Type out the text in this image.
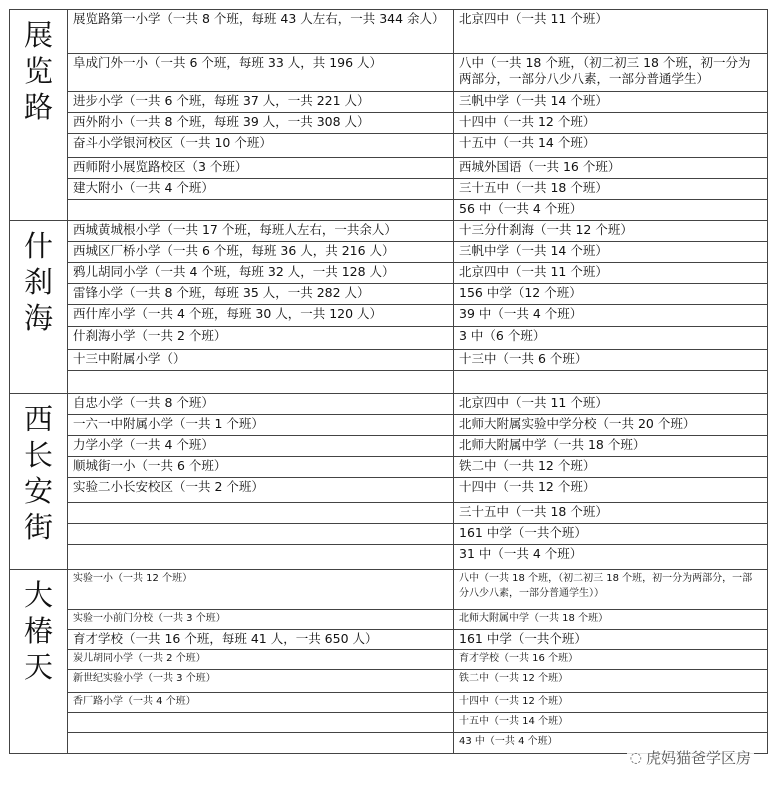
展览路	展览路第一小学（一共 8 个班，每班 43 人左右，一共 344 余人）	北京四中（一共 11 个班）
	阜成门外一小（一共 6 个班，每班 33 人，共 196 人）	八中（一共 18 个班，（初二初三 18 个班，初一分为两部分，一部分八少八素，一部分普通学生）
	进步小学（一共 6 个班，每班 37 人，一共 221 人）	三帆中学（一共 14 个班）
	西外附小（一共 8 个班，每班 39 人，一共 308 人）	十四中（一共 12 个班）
	奋斗小学银河校区（一共 10 个班）	十五中（一共 14 个班）
	西师附小展览路校区（3 个班）	西城外国语（一共 16 个班）
	建大附小（一共 4 个班）	三十五中（一共 18 个班）
		56 中（一共 4 个班）

什刹海	西城黄城根小学（一共 17 个班，每班人左右，一共余人）	十三分什刹海（一共 12 个班）
	西城区厂桥小学（一共 6 个班，每班 36 人，共 216 人）	三帆中学（一共 14 个班）
	鸦儿胡同小学（一共 4 个班，每班 32 人，一共 128 人）	北京四中（一共 11 个班）
	雷锋小学（一共 8 个班，每班 35 人，一共 282 人）	156 中学（12 个班）
	西什库小学（一共 4 个班，每班 30 人，一共 120 人）	39 中（一共 4 个班）
	什刹海小学（一共 2 个班）	3 中（6 个班）
	十三中附属小学（）	十三中（一共 6 个班）

西长安街	自忠小学（一共 8 个班）	北京四中（一共 11 个班）
	一六一中附属小学（一共 1 个班）	北师大附属实验中学分校（一共 20 个班）
	力学小学（一共 4 个班）	北师大附属中学（一共 18 个班）
	顺城街一小（一共 6 个班）	铁二中（一共 12 个班）
	实验二小长安校区（一共 2 个班）	十四中（一共 12 个班）
		三十五中（一共 18 个班）
		161 中学（一共个班）
		31 中（一共 4 个班）

大椿天	实验一小（一共 12 个班）	八中（一共 18 个班，（初二初三 18 个班，初一分为两部分，一部分八少八素，一部分普通学生））
	实验一小前门分校（一共 3 个班）	北师大附属中学（一共 18 个班）
	育才学校（一共 16 个班，每班 41 人，一共 650 人）	161 中学（一共个班）
	炭儿胡同小学（一共 2 个班）	育才学校（一共 16 个班）
	新世纪实验小学（一共 3 个班）	铁二中（一共 12 个班）
	香厂路小学（一共 4 个班）	十四中（一共 12 个班）
		十五中（一共 14 个班）
		43 中（一共 4 个班）
◌ 虎妈猫爸学区房
